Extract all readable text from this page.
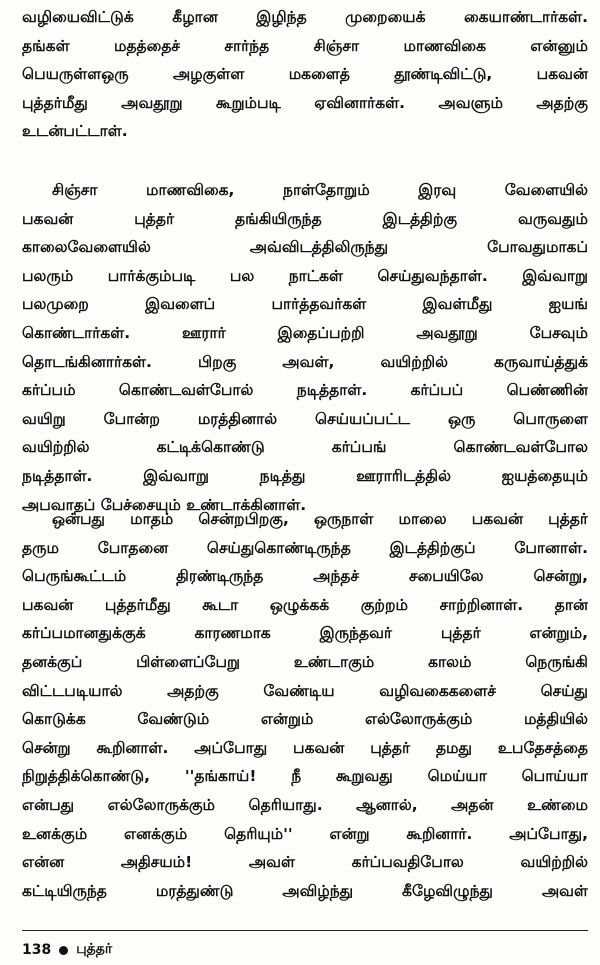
வழியைவிட்டுக் கீழான இழிந்த முறையைக் கையாண்டார்கள்.
தங்கள் மதத்தைச் சார்ந்த சிஞ்சா மாணவிகை என்னும்
பெயருள்ளஒரு அழகுள்ள மகளைத் தூண்டிவிட்டு, பகவன்
புத்தர்மீது அவதூறு கூறும்படி ஏவினார்கள். அவளும் அதற்கு
உடன்பட்டாள்.
சிஞ்சா மாணவிகை, நாள்தோறும் இரவு வேளையில்
பகவன் புத்தர் தங்கியிருந்த இடத்திற்கு வருவதும்
காலைவேளையில் அவ்விடத்திலிருந்து போவதுமாகப்
பலரும் பார்க்கும்படி பல நாட்கள் செய்துவந்தாள். இவ்வாறு
பலமுறை இவளைப் பார்த்தவர்கள் இவள்மீது ஐயங்
கொண்டார்கள். ஊரார் இதைப்பற்றி அவதூறு பேசவும்
தொடங்கினார்கள். பிறகு அவள், வயிற்றில் கருவாய்த்துக்
கர்ப்பம் கொண்டவள்போல் நடித்தாள். கர்ப்பப் பெண்ணின்
வயிறு போன்ற மரத்தினால் செய்யப்பட்ட ஒரு பொருளை
வயிற்றில் கட்டிக்கொண்டு கர்ப்பங் கொண்டவள்போல
நடித்தாள். இவ்வாறு நடித்து ஊராரிடத்தில் ஐயத்தையும்
அபவாதப் பேச்சையும் உண்டாக்கினாள்.
ஒன்பது மாதம் சென்றபிறகு, ஒருநாள் மாலை பகவன் புத்தர்
தரும போதனை செய்துகொண்டிருந்த இடத்திற்குப் போனாள்.
பெருங்கூட்டம் திரண்டிருந்த அந்தச் சபையிலே சென்று,
பகவன் புத்தர்மீது கூடா ஒழுக்கக் குற்றம் சாற்றினாள். தான்
கர்ப்பமானதுக்குக் காரணமாக இருந்தவர் புத்தர் என்றும்,
தனக்குப் பிள்ளைப்பேறு உண்டாகும் காலம் நெருங்கி
விட்டபடியால் அதற்கு வேண்டிய வழிவகைகளைச் செய்து
கொடுக்க வேண்டும் என்றும் எல்லோருக்கும் மத்தியில்
சென்று கூறினாள். அப்போது பகவன் புத்தர் தமது உபதேசத்தை
நிறுத்திக்கொண்டு, ''தங்காய்! நீ கூறுவது மெய்யா பொய்யா
என்பது எல்லோருக்கும் தெரியாது. ஆனால், அதன் உண்மை
உனக்கும் எனக்கும் தெரியும்'' என்று கூறினார். அப்போது,
என்ன அதிசயம்! அவள் கர்ப்பவதிபோல வயிற்றில்
கட்டியிருந்த மரத்துண்டு அவிழ்ந்து கீழேவிழுந்து அவள்
138 புத்தர்
